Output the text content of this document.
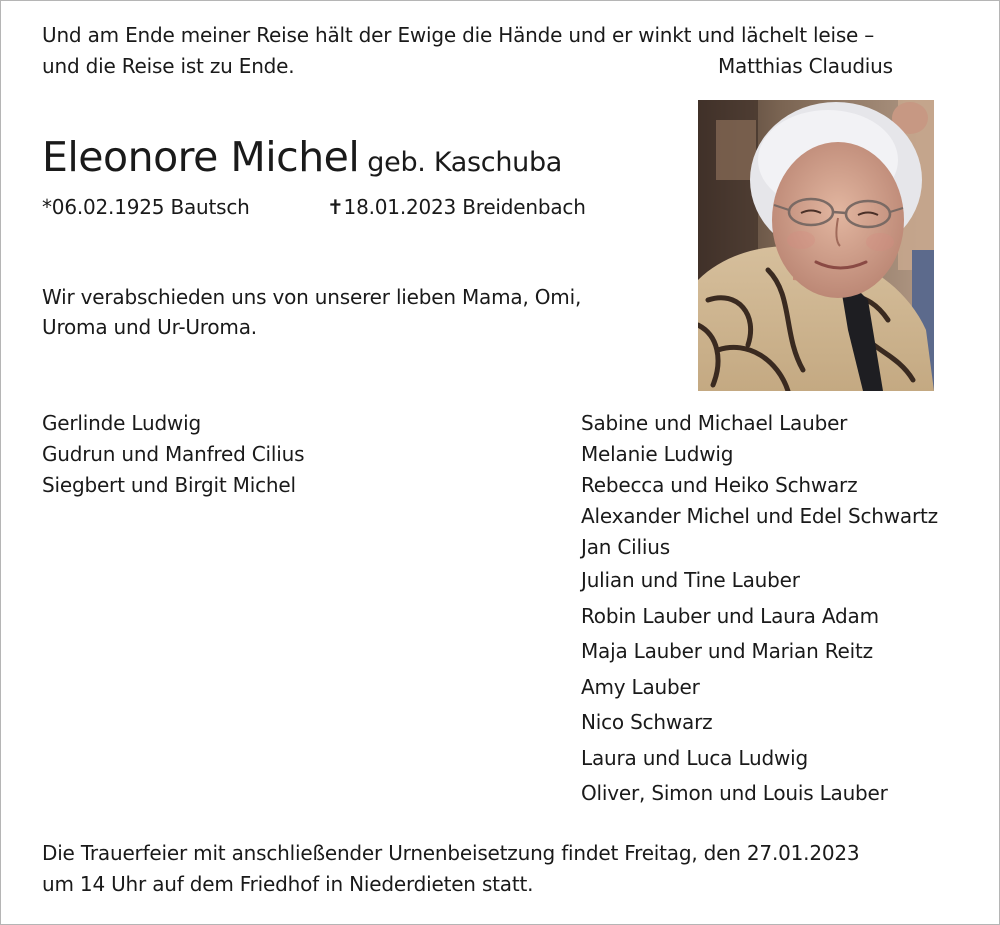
Und am Ende meiner Reise hält der Ewige die Hände und er winkt und lächelt leise –
und die Reise ist zu Ende.	Matthias Claudius
Eleonore Michel geb. Kaschuba
*06.02.1925 Bautsch	✝18.01.2023 Breidenbach
Wir verabschieden uns von unserer lieben Mama, Omi,
Uroma und Ur-Uroma.
Gerlinde Ludwig
Gudrun und Manfred Cilius
Siegbert und Birgit Michel
Sabine und Michael Lauber
Melanie Ludwig
Rebecca und Heiko Schwarz
Alexander Michel und Edel Schwartz
Jan Cilius
Julian und Tine Lauber
Robin Lauber und Laura Adam
Maja Lauber und Marian Reitz
Amy Lauber
Nico Schwarz
Laura und Luca Ludwig
Oliver, Simon und Louis Lauber
Die Trauerfeier mit anschließender Urnenbeisetzung findet Freitag, den 27.01.2023
um 14 Uhr auf dem Friedhof in Niederdieten statt.
